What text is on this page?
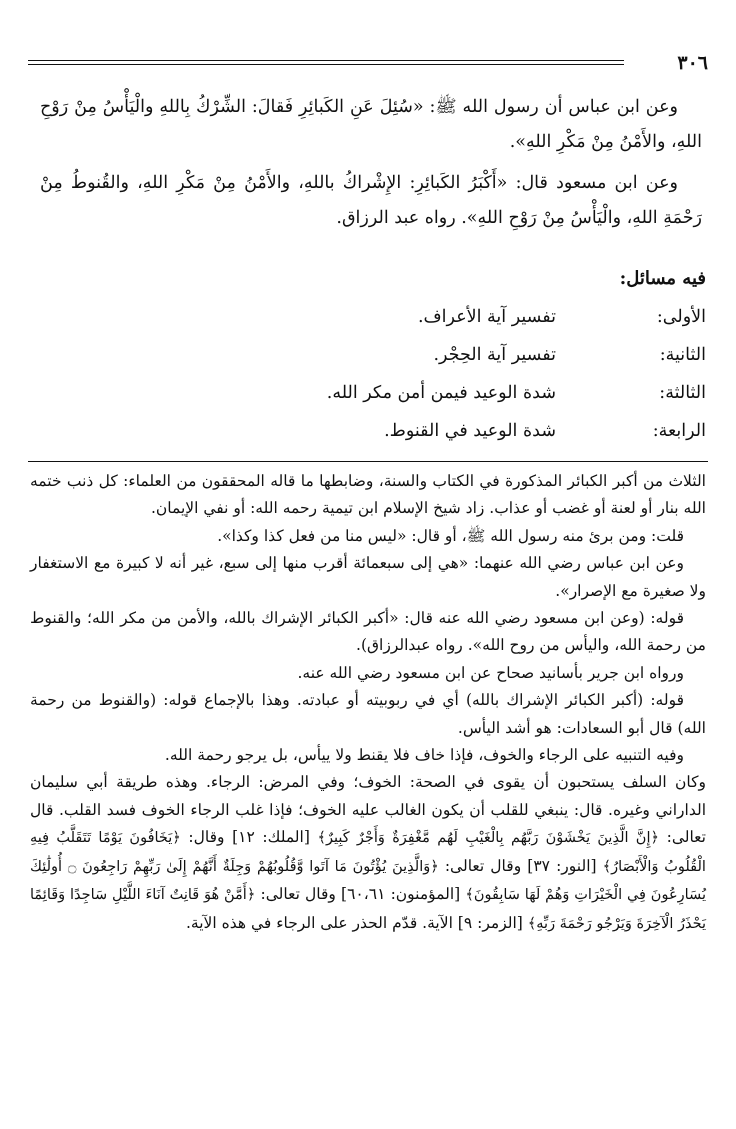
٣٠٦

وعن ابن عباس أن رسول الله ﷺ: «سُئِلَ عَنِ الكَبائِرِ فَقالَ: الشِّرْكُ بِاللهِ والْيَأْسُ مِنْ رَوْحِ اللهِ، والأَمْنُ مِنْ مَكْرِ اللهِ».

وعن ابن مسعود قال: «أَكْبَرُ الكَبائِرِ: الإِشْراكُ باللهِ، والأَمْنُ مِنْ مَكْرِ اللهِ، والقُنوطُ مِنْ رَحْمَةِ اللهِ، والْيَأْسُ مِنْ رَوْحِ اللهِ». رواه عبد الرزاق.

فيه مسائل:
الأولى:
تفسير آية الأعراف.
الثانية:
تفسير آية الحِجْر.
الثالثة:
شدة الوعيد فيمن أمن مكر الله.
الرابعة:
شدة الوعيد في القنوط.

الثلاث من أكبر الكبائر المذكورة في الكتاب والسنة، وضابطها ما قاله المحققون من العلماء: كل ذنب ختمه الله بنار أو لعنة أو غضب أو عذاب. زاد شيخ الإسلام ابن تيمية رحمه الله: أو نفي الإيمان.

قلت: ومن برئ منه رسول الله ﷺ، أو قال: «ليس منا من فعل كذا وكذا».

وعن ابن عباس رضي الله عنهما: «هي إلى سبعمائة أقرب منها إلى سبع، غير أنه لا كبيرة مع الاستغفار ولا صغيرة مع الإصرار».

قوله: (وعن ابن مسعود رضي الله عنه قال: «أكبر الكبائر الإشراك بالله، والأمن من مكر الله؛ والقنوط من رحمة الله، واليأس من روح الله». رواه عبدالرزاق).

ورواه ابن جرير بأسانيد صحاح عن ابن مسعود رضي الله عنه.

قوله: (أكبر الكبائر الإشراك بالله) أي في ربوبيته أو عبادته. وهذا بالإجماع قوله: (والقنوط من رحمة الله) قال أبو السعادات: هو أشد اليأس.

وفيه التنبيه على الرجاء والخوف، فإذا خاف فلا يقنط ولا ييأس، بل يرجو رحمة الله.

وكان السلف يستحبون أن يقوى في الصحة: الخوف؛ وفي المرض: الرجاء. وهذه طريقة أبي سليمان الداراني وغيره. قال: ينبغي للقلب أن يكون الغالب عليه الخوف؛ فإذا غلب الرجاء الخوف فسد القلب. قال تعالى: ﴿إِنَّ الَّذِينَ يَخْشَوْنَ رَبَّهُم بِالْغَيْبِ لَهُم مَّغْفِرَةٌ وَأَجْرٌ كَبِيرٌ﴾ [الملك: ١٢] وقال: ﴿يَخَافُونَ يَوْمًا تَتَقَلَّبُ فِيهِ الْقُلُوبُ وَالْأَبْصَارُ﴾ [النور: ٣٧] وقال تعالى: ﴿وَالَّذِينَ يُؤْتُونَ مَا آتَوا وَّقُلُوبُهُمْ وَجِلَةٌ أَنَّهُمْ إِلَىٰ رَبِّهِمْ رَاجِعُونَ ۝ أُولَٰئِكَ يُسَارِعُونَ فِي الْخَيْرَاتِ وَهُمْ لَهَا سَابِقُونَ﴾ [المؤمنون: ٦٠،٦١] وقال تعالى: ﴿أَمَّنْ هُوَ قَانِتٌ آنَاءَ اللَّيْلِ سَاجِدًا وَقَائِمًا يَحْذَرُ الْآخِرَةَ وَيَرْجُو رَحْمَةَ رَبِّهِ﴾ [الزمر: ٩] الآية. قدّم الحذر على الرجاء في هذه الآية.
